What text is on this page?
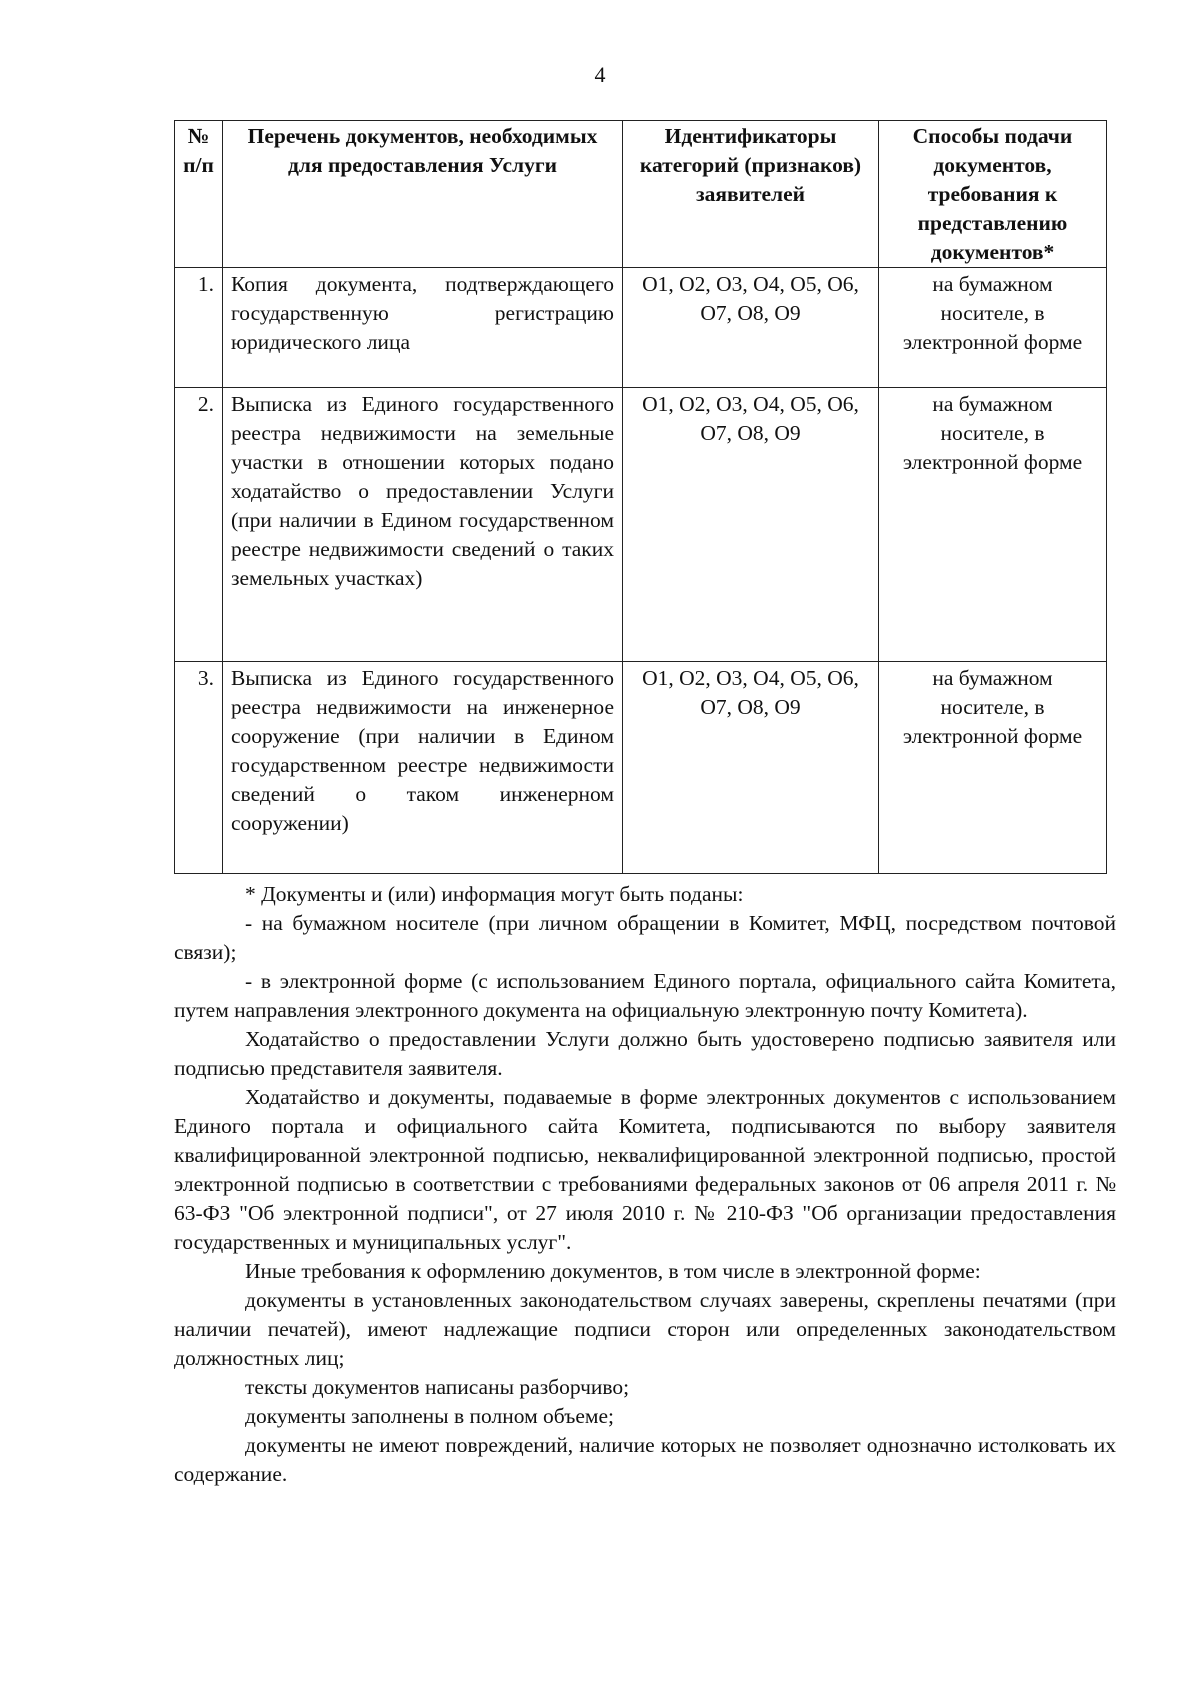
4
№ п/п	Перечень документов, необходимых для предоставления Услуги	Идентификаторы категорий (признаков) заявителей	Способы подачи документов, требования к представлению документов*
1.	Копия документа, подтверждающего государственную регистрацию юридического лица	О1, О2, О3, О4, О5, О6, О7, О8, О9	на бумажном носителе, в электронной форме
2.	Выписка из Единого государственного реестра недвижимости на земельные участки в отношении которых подано ходатайство о предоставлении Услуги (при наличии в Едином государственном реестре недвижимости сведений о таких земельных участках)	О1, О2, О3, О4, О5, О6, О7, О8, О9	на бумажном носителе, в электронной форме
3.	Выписка из Единого государственного реестра недвижимости на инженерное сооружение (при наличии в Едином государственном реестре недвижимости сведений о таком инженерном сооружении)	О1, О2, О3, О4, О5, О6, О7, О8, О9	на бумажном носителе, в электронной форме

* Документы и (или) информация могут быть поданы:

- на бумажном носителе (при личном обращении в Комитет, МФЦ, посредством почтовой связи);

- в электронной форме (с использованием Единого портала, официального сайта Комитета, путем направления электронного документа на официальную электронную почту Комитета).

Ходатайство о предоставлении Услуги должно быть удостоверено подписью заявителя или подписью представителя заявителя.

Ходатайство и документы, подаваемые в форме электронных документов с использованием Единого портала и официального сайта Комитета, подписываются по выбору заявителя квалифицированной электронной подписью, неквалифицированной электронной подписью, простой электронной подписью в соответствии с требованиями федеральных законов от 06 апреля 2011 г. № 63-ФЗ "Об электронной подписи", от 27 июля 2010 г. № 210-ФЗ "Об организации предоставления государственных и муниципальных услуг".

Иные требования к оформлению документов, в том числе в электронной форме:

документы в установленных законодательством случаях заверены, скреплены печатями (при наличии печатей), имеют надлежащие подписи сторон или определенных законодательством должностных лиц;

тексты документов написаны разборчиво;

документы заполнены в полном объеме;

документы не имеют повреждений, наличие которых не позволяет однозначно истолковать их содержание.
